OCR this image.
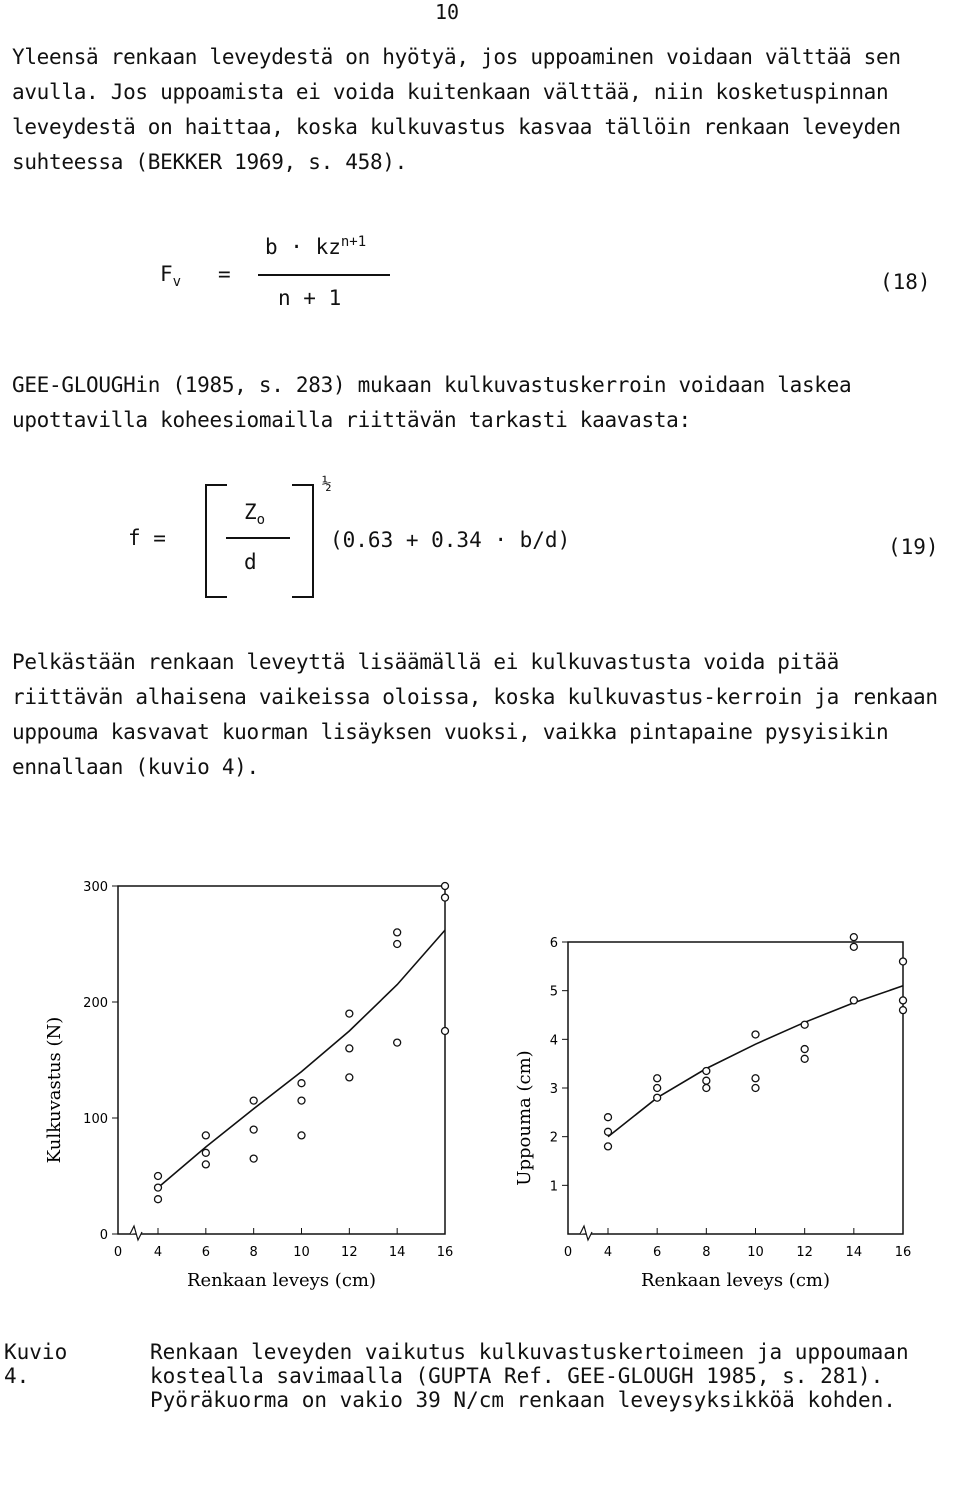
10

Yleensä renkaan leveydestä on hyötyä, jos uppoaminen voidaan välttää sen avulla. Jos uppoamista ei voida kuitenkaan välttää, niin kosketuspinnan leveydestä on haittaa, koska kulkuvastus kasvaa tällöin renkaan leveyden suhteessa (BEKKER 1969, s. 458).

$F_v$ =
$b \cdot kz^{n+1}$
n + 1
(18)

GEE-GLOUGHin (1985, s. 283) mukaan kulkuvastuskerroin voidaan laskea upottavilla koheesiomailla riittävän tarkasti kaavasta:

f =
$Z_o$
d
½
(0.63 + 0.34 · b/d)	(19)

Pelkästään renkaan leveyttä lisäämällä ei kulkuvastusta voida pitää riittävän alhaisena vaikeissa oloissa, koska kulkuvastus-kerroin ja renkaan uppouma kasvavat kuorman lisäyksen vuoksi, vaikka pintapaine pysyisikin ennallaan (kuvio 4).

0 4	6	8	10 12 14 16
0
100
200
300
Renkaan leveys (cm)
Kulkuvastus (N)
0 4	6	8	10	12	14	16
1
2
3
4
5
6
Renkaan leveys (cm)
Uppouma (cm)
Kuvio 4.
Renkaan leveyden vaikutus kulkuvastuskertoimeen ja uppoumaan kostealla savimaalla (GUPTA Ref. GEE-GLOUGH 1985, s. 281). Pyöräkuorma on vakio 39 N/cm renkaan leveysyksikköä kohden.
